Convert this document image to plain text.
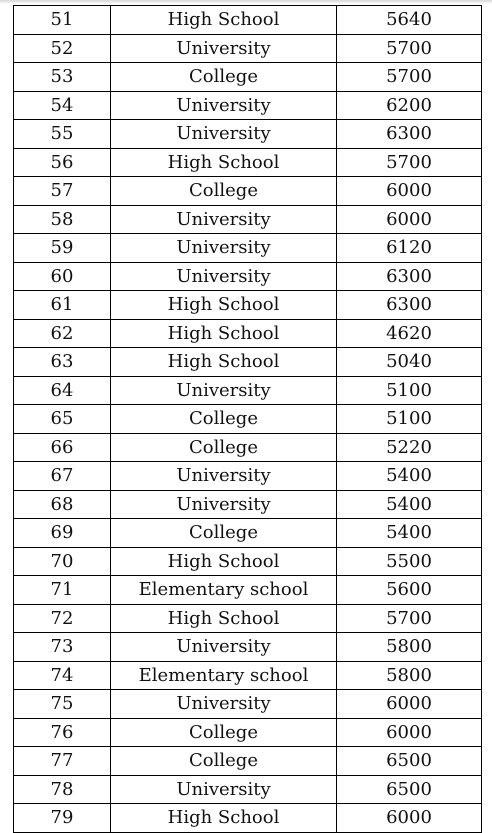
51	High School	5640
52	University	5700
53	College	5700
54	University	6200
55	University	6300
56	High School	5700
57	College	6000
58	University	6000
59	University	6120
60	University	6300
61	High School	6300
62	High School	4620
63	High School	5040
64	University	5100
65	College	5100
66	College	5220
67	University	5400
68	University	5400
69	College	5400
70	High School	5500
71	Elementary school	5600
72	High School	5700
73	University	5800
74	Elementary school	5800
75	University	6000
76	College	6000
77	College	6500
78	University	6500
79	High School	6000
